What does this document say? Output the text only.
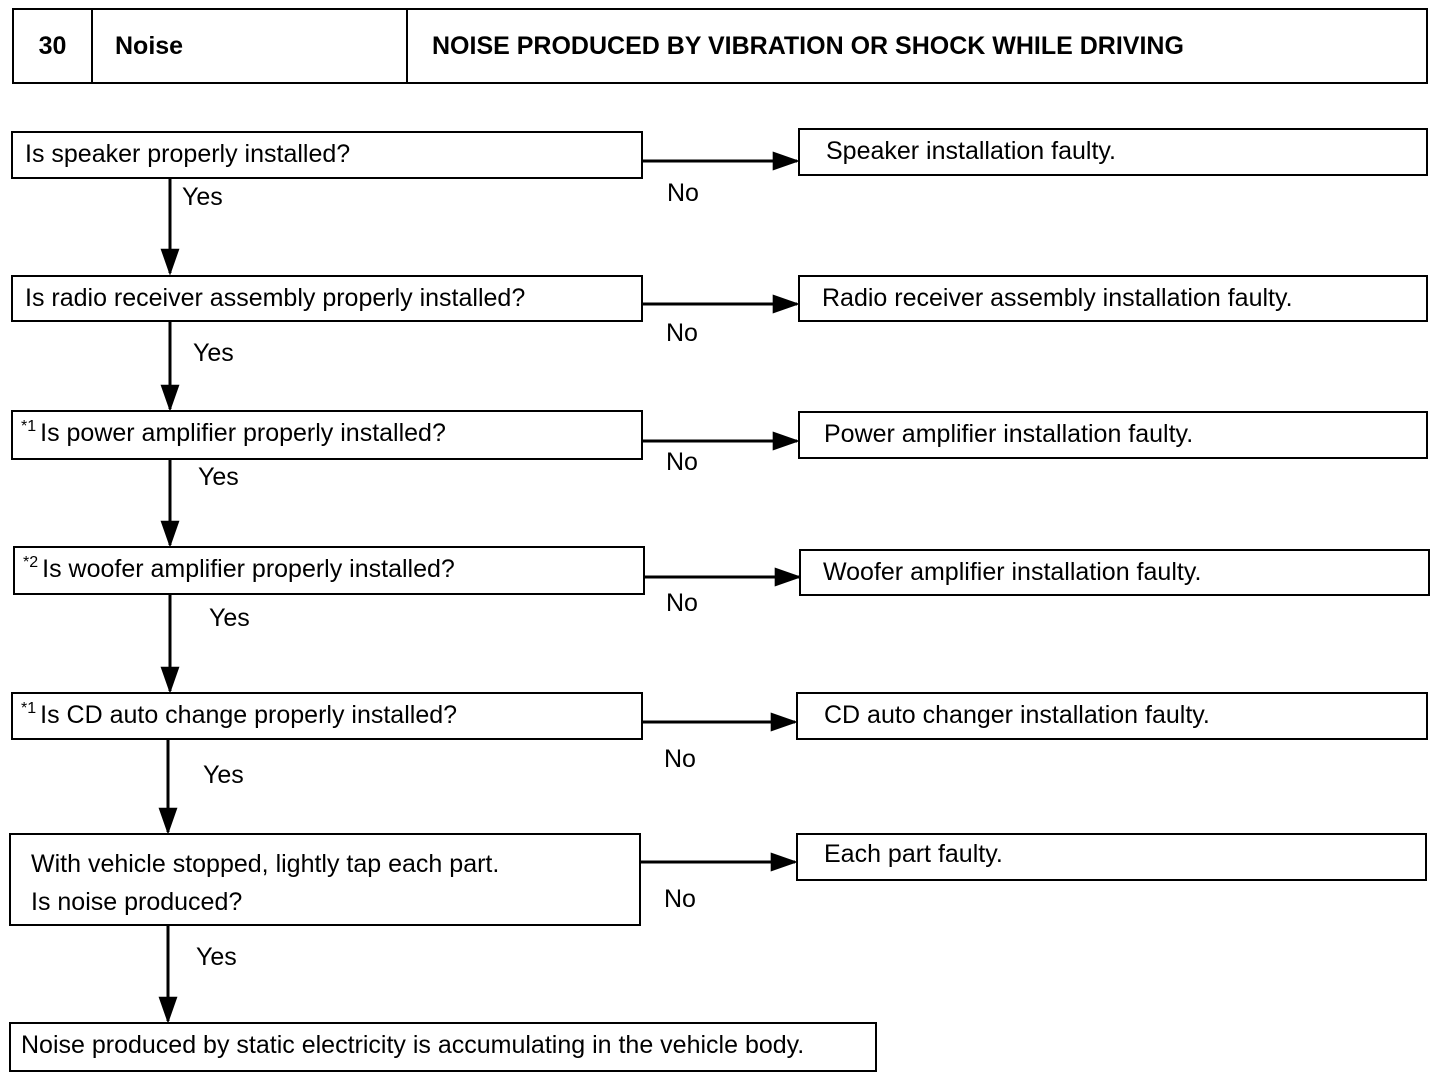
30	Noise	NOISE PRODUCED BY VIBRATION OR SHOCK WHILE DRIVING
Is speaker properly installed?	Speaker installation faulty.
Yes	No
Is radio receiver assembly properly installed?	Radio receiver assembly installation faulty.
Yes
No
$^{*1}$ Is power amplifier properly installed?	Power amplifier installation faulty.
Yes
No
$^{*2}$ Is woofer amplifier properly installed?	Woofer amplifier installation faulty.
Yes
No
$^{*1}$ Is CD auto change properly installed?	CD auto changer installation faulty.
Yes
No
With vehicle stopped, lightly tap each part.
Is noise produced?
Each part faulty.
Yes
No
Noise produced by static electricity is accumulating in the vehicle body.
